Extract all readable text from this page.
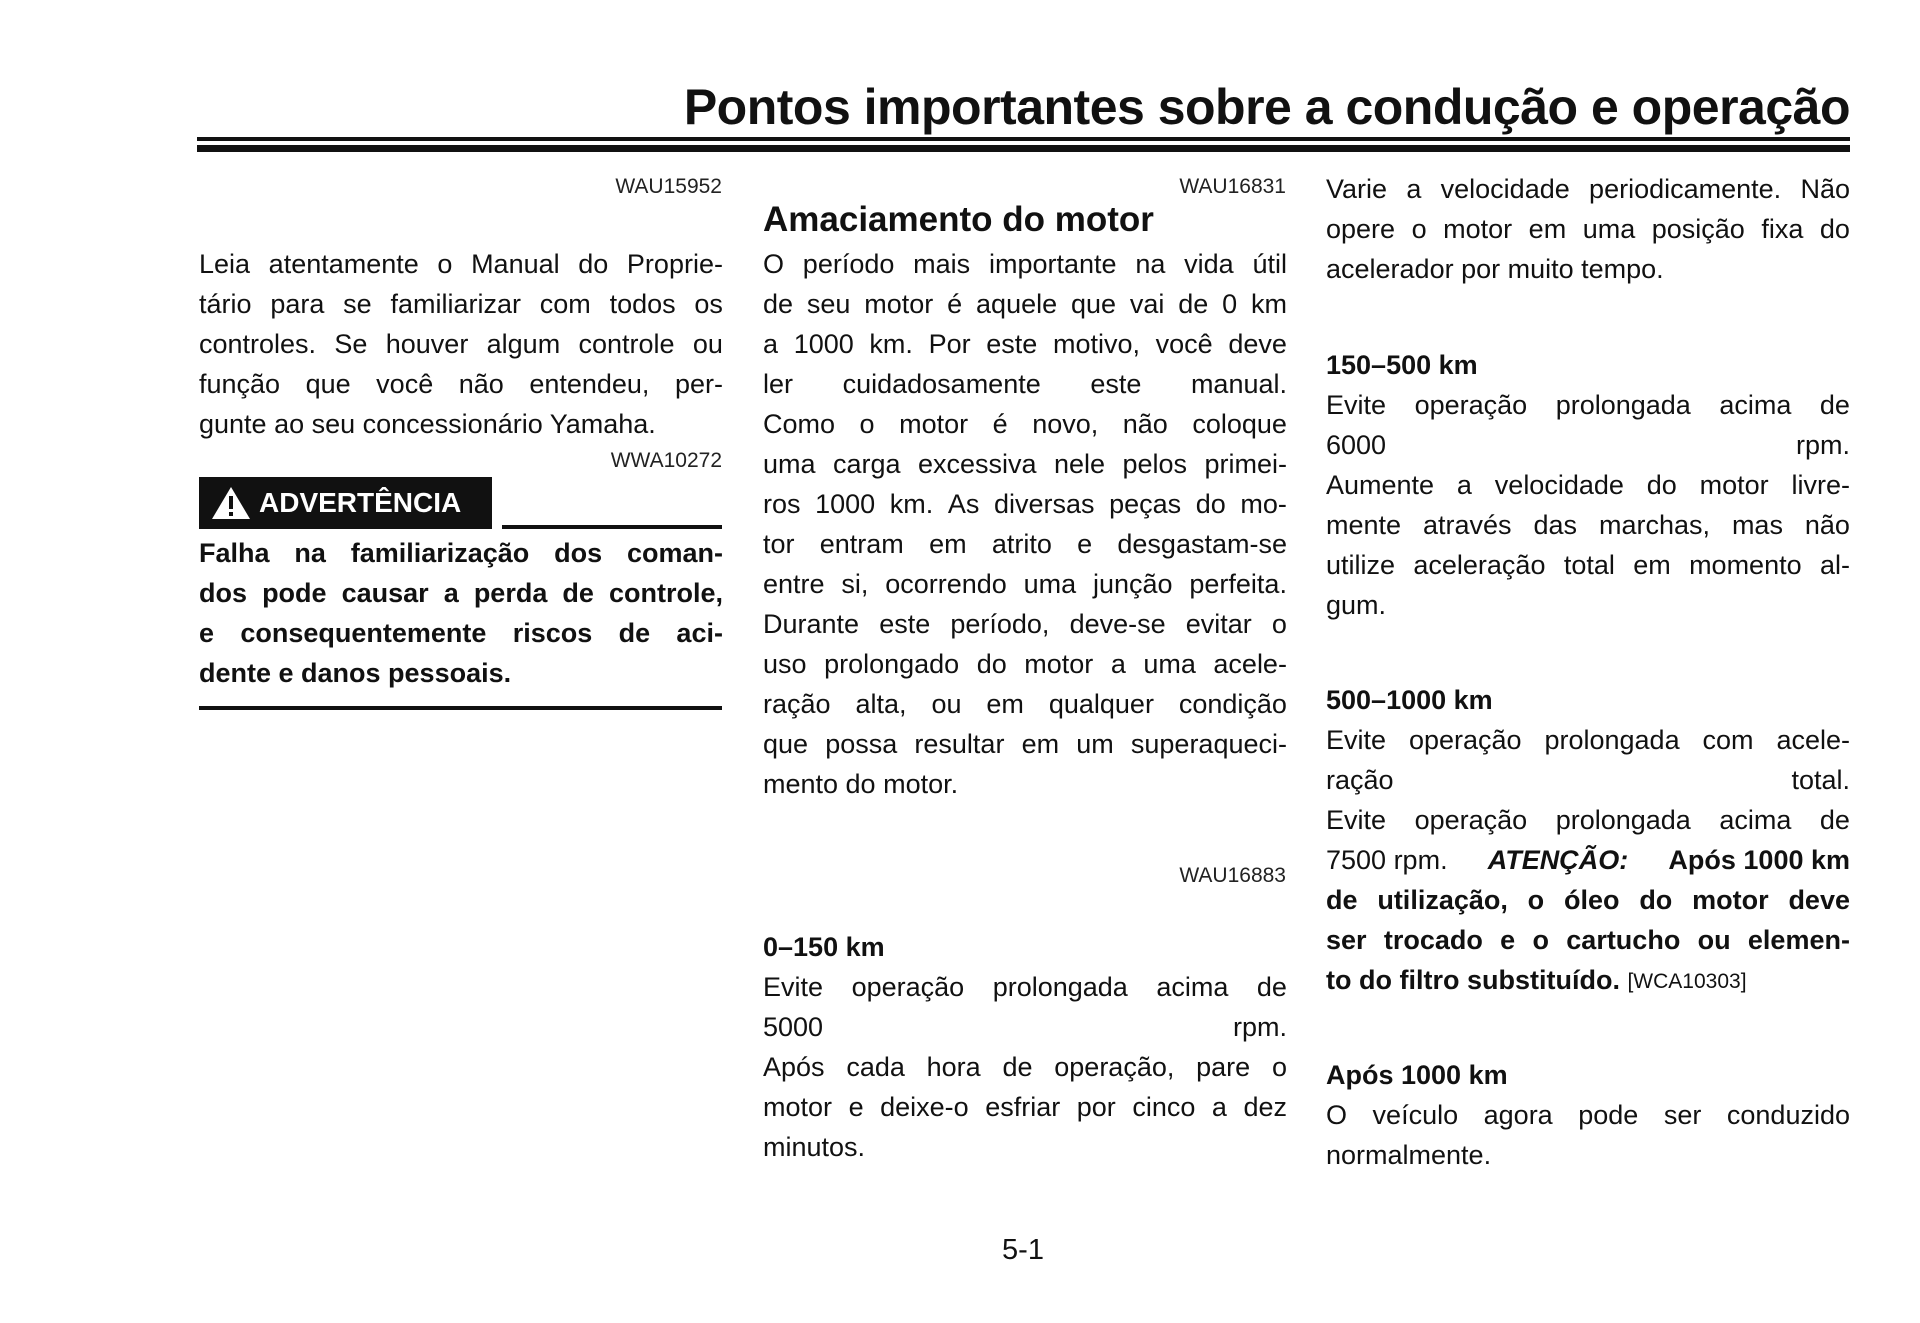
Pontos importantes sobre a condução e operação
WAU15952
Leia atentamente o Manual do Proprie-
tário para se familiarizar com todos os
controles. Se houver algum controle ou
função que você não entendeu, per-
gunte ao seu concessionário Yamaha.
WWA10272
ADVERTÊNCIA
Falha na familiarização dos coman-
dos pode causar a perda de controle,
e consequentemente riscos de aci-
dente e danos pessoais.
WAU16831
Amaciamento do motor
O período mais importante na vida útil
de seu motor é aquele que vai de 0 km
a 1000 km. Por este motivo, você deve
ler cuidadosamente este manual.
Como o motor é novo, não coloque
uma carga excessiva nele pelos primei-
ros 1000 km. As diversas peças do mo-
tor entram em atrito e desgastam-se
entre si, ocorrendo uma junção perfeita.
Durante este período, deve-se evitar o
uso prolongado do motor a uma acele-
ração alta, ou em qualquer condição
que possa resultar em um superaqueci-
mento do motor.
WAU16883
0–150 km
Evite operação prolongada acima de
5000	rpm.
Após cada hora de operação, pare o
motor e deixe-o esfriar por cinco a dez
minutos.
Varie a velocidade periodicamente. Não
opere o motor em uma posição fixa do
acelerador por muito tempo.
150–500 km
Evite operação prolongada acima de
6000	rpm.
Aumente a velocidade do motor livre-
mente através das marchas, mas não
utilize aceleração total em momento al-
gum.
500–1000 km
Evite operação prolongada com acele-
ração	total.
Evite operação prolongada acima de
7500 rpm. ATENÇÃO: Após 1000 km
de utilização, o óleo do motor deve
ser trocado e o cartucho ou elemen-
to do filtro substituído.
[WCA10303]
Após 1000 km
O veículo agora pode ser conduzido
normalmente.
5-1
